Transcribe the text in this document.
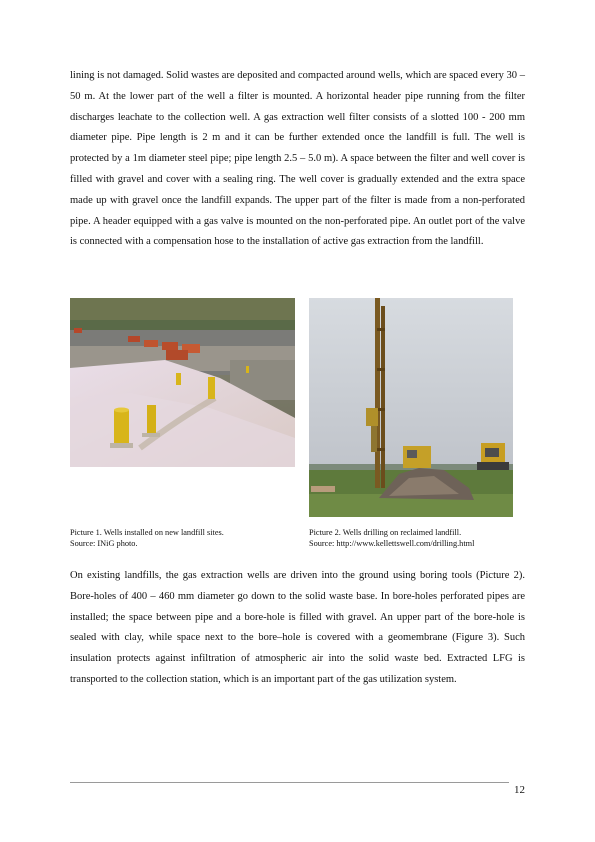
lining is not damaged. Solid wastes are deposited and compacted around wells, which are spaced every 30 – 50 m. At the lower part of the well a filter is mounted. A horizontal header pipe running from the filter discharges leachate to the collection well. A gas extraction well filter consists of a slotted 100 - 200 mm diameter pipe. Pipe length is 2 m and it can be further extended once the landfill is full. The well is protected by a 1m diameter steel pipe; pipe length 2.5 – 5.0 m). A space between the filter and well cover is filled with gravel and cover with a sealing ring. The well cover is gradually extended and the extra space made up with gravel once the landfill expands. The upper part of the filter is made from a non-perforated pipe. A header equipped with a gas valve is mounted on the non-perforated pipe. An outlet port of the valve is connected with a compensation hose to the installation of active gas extraction from the landfill.

Picture 1. Wells installed on new landfill sites.
Source: INiG photo.

Picture 2. Wells drilling on reclaimed landfill.
Source: http://www.kellettswell.com/drilling.html

On existing landfills, the gas extraction wells are driven into the ground using boring tools (Picture 2). Bore-holes of 400 – 460 mm diameter go down to the solid waste base. In bore-holes perforated pipes are installed; the space between pipe and a bore-hole is filled with gravel. An upper part of the bore-hole is sealed with clay, while space next to the bore–hole is covered with a geomembrane (Figure 3). Such insulation protects against infiltration of atmospheric air into the solid waste bed. Extracted LFG is transported to the collection station, which is an important part of the gas utilization system.

12
